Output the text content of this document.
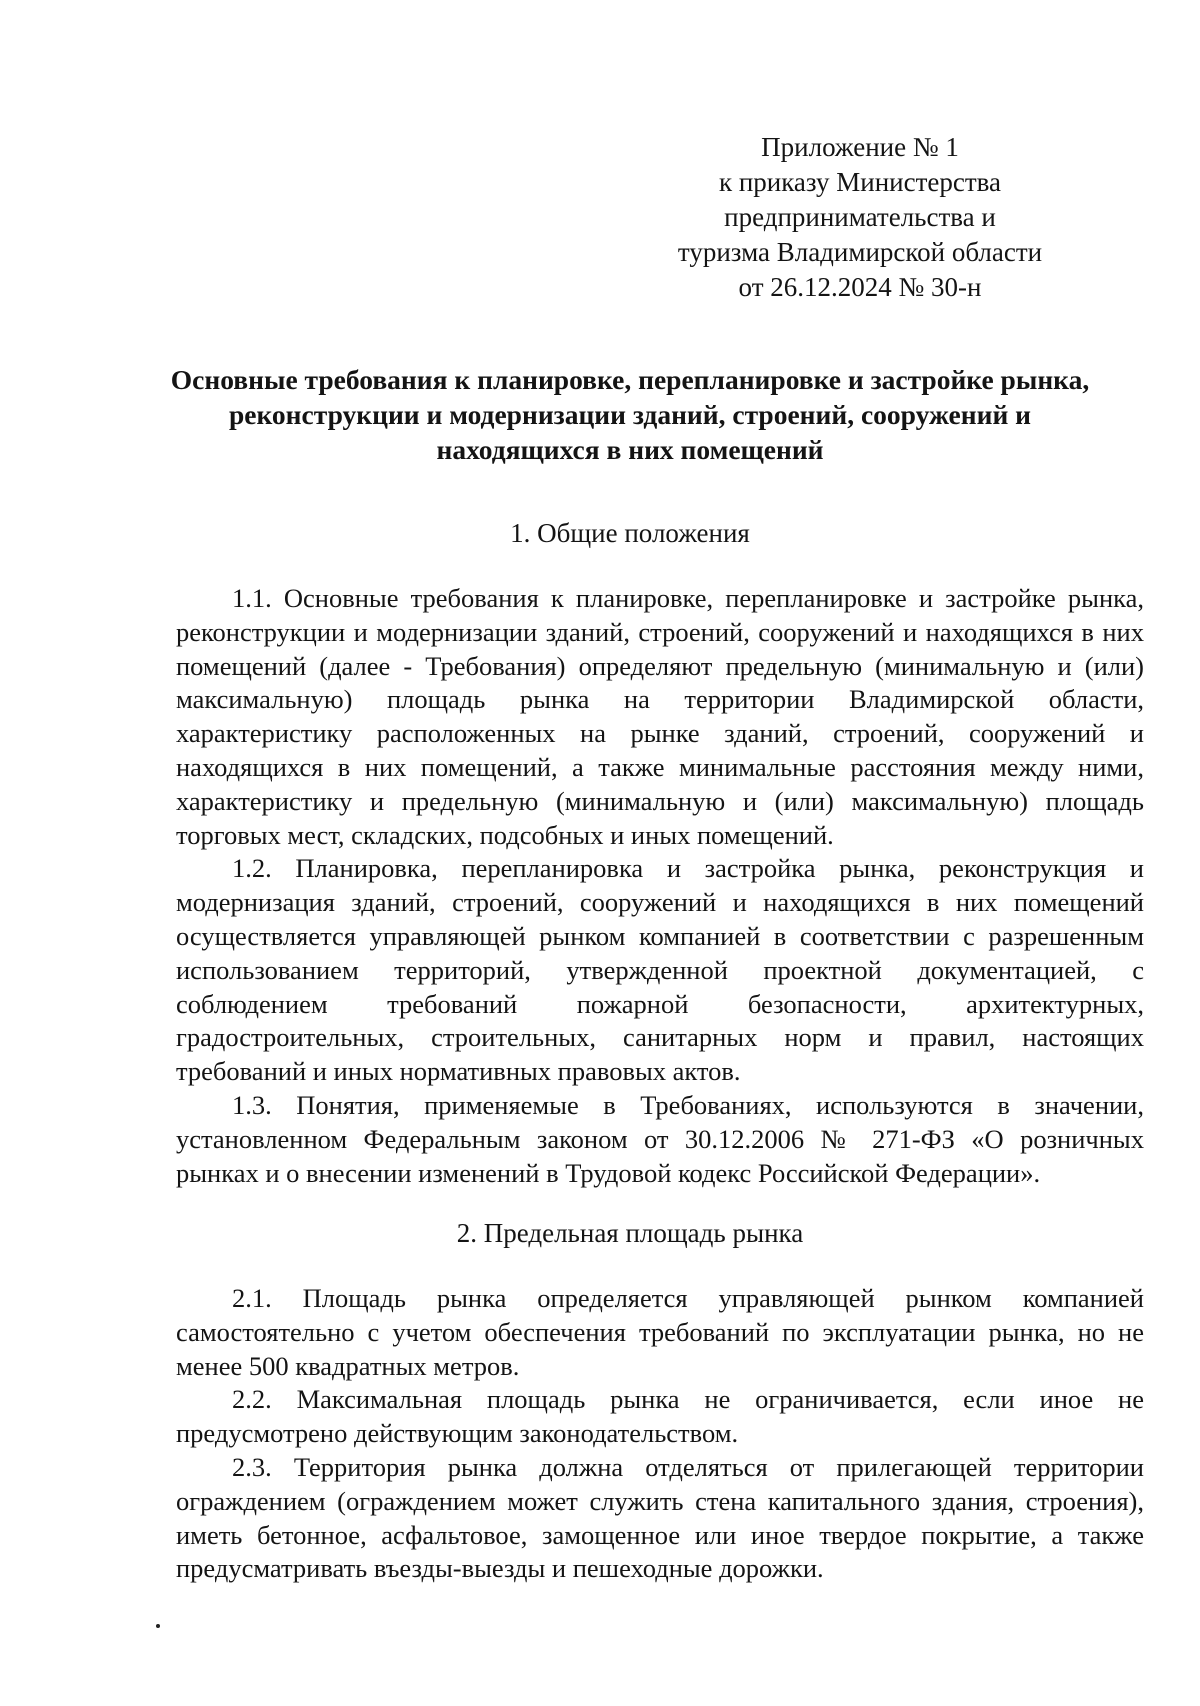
Приложение № 1
к приказу Министерства
предпринимательства и
туризма Владимирской области
от 26.12.2024 № 30-н
Основные требования к планировке, перепланировке и застройке рынка,
реконструкции и модернизации зданий, строений, сооружений и
находящихся в них помещений
1. Общие положения

1.1. Основные требования к планировке, перепланировке и застройке рынка, реконструкции и модернизации зданий, строений, сооружений и находящихся в них помещений (далее - Требования) определяют предельную (минимальную и (или) максимальную) площадь рынка на территории Владимирской области, характеристику расположенных на рынке зданий, строений, сооружений и находящихся в них помещений, а также минимальные расстояния между ними, характеристику и предельную (минимальную и (или) максимальную) площадь торговых мест, складских, подсобных и иных помещений.

1.2. Планировка, перепланировка и застройка рынка, реконструкция и модернизация зданий, строений, сооружений и находящихся в них помещений осуществляется управляющей рынком компанией в соответствии с разрешенным использованием территорий, утвержденной проектной документацией, с соблюдением требований пожарной безопасности, архитектурных, градостроительных, строительных, санитарных норм и правил, настоящих требований и иных нормативных правовых актов.

1.3. Понятия, применяемые в Требованиях, используются в значении, установленном Федеральным законом от 30.12.2006 № 271-ФЗ «О розничных рынках и о внесении изменений в Трудовой кодекс Российской Федерации».

2. Предельная площадь рынка

2.1. Площадь рынка определяется управляющей рынком компанией самостоятельно с учетом обеспечения требований по эксплуатации рынка, но не менее 500 квадратных метров.

2.2. Максимальная площадь рынка не ограничивается, если иное не предусмотрено действующим законодательством.

2.3. Территория рынка должна отделяться от прилегающей территории ограждением (ограждением может служить стена капитального здания, строения), иметь бетонное, асфальтовое, замощенное или иное твердое покрытие, а также предусматривать въезды-выезды и пешеходные дорожки.
